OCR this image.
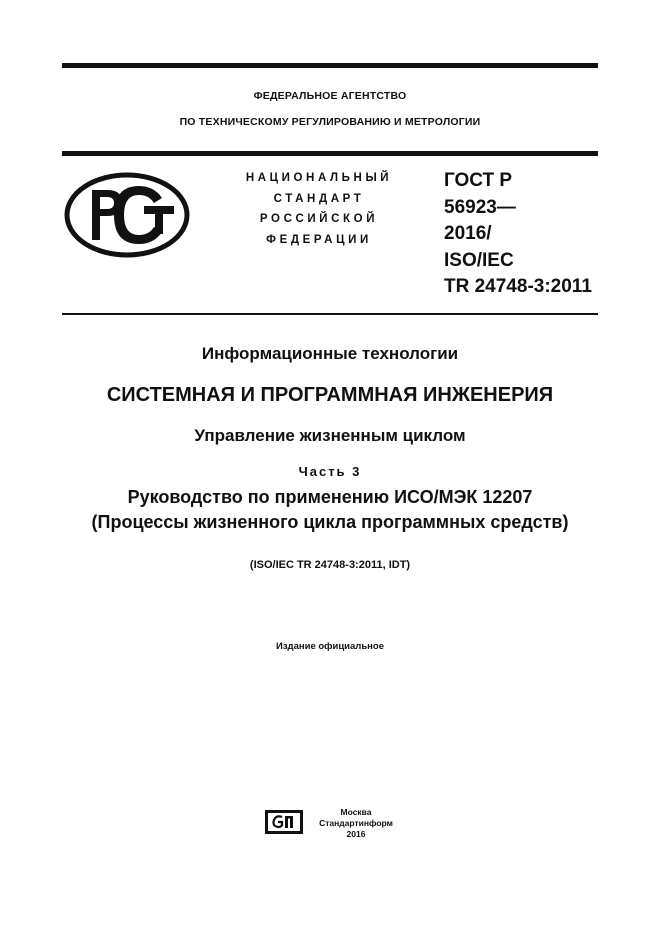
ФЕДЕРАЛЬНОЕ АГЕНТСТВО
ПО ТЕХНИЧЕСКОМУ РЕГУЛИРОВАНИЮ И МЕТРОЛОГИИ
НАЦИОНАЛЬНЫЙ
СТАНДАРТ
РОССИЙСКОЙ
ФЕДЕРАЦИИ
ГОСТ Р
56923—
2016/
ISO/IEC
TR 24748-3:2011
Информационные технологии
СИСТЕМНАЯ И ПРОГРАММНАЯ ИНЖЕНЕРИЯ
Управление жизненным циклом
Часть 3
Руководство по применению ИСО/МЭК 12207
(Процессы жизненного цикла программных средств)
(ISO/IEC TR 24748-3:2011, IDT)
Издание официальное
Москва
Стандартинформ
2016
